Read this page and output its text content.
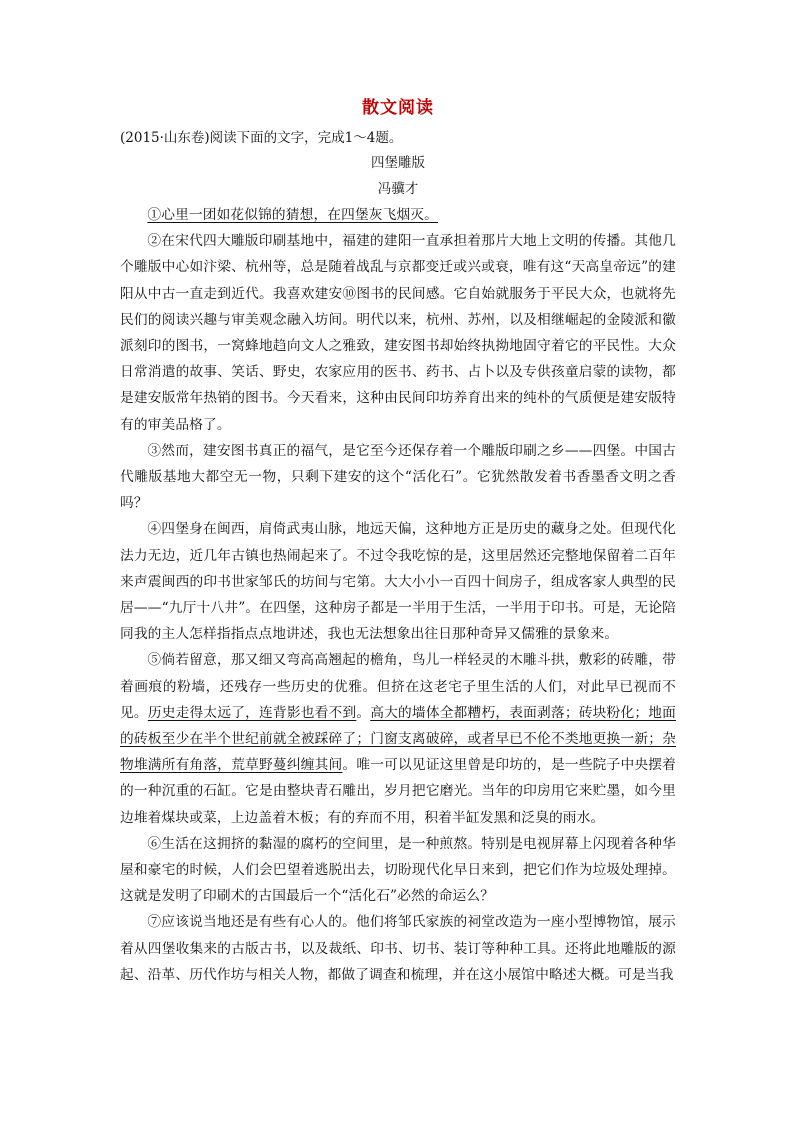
散文阅读

(2015·山东卷)阅读下面的文字，完成1～4题。

四堡雕版

冯骥才

①心里一团如花似锦的猜想，在四堡灰飞烟灭。

②在宋代四大雕版印刷基地中，福建的建阳一直承担着那片大地上文明的传播。其他几个雕版中心如汴梁、杭州等，总是随着战乱与京都变迁或兴或衰，唯有这“天高皇帝远”的建阳从中古一直走到近代。我喜欢建安⑩图书的民间感。它自始就服务于平民大众，也就将先民们的阅读兴趣与审美观念融入坊间。明代以来，杭州、苏州，以及相继崛起的金陵派和徽派刻印的图书，一窝蜂地趋向文人之雅致，建安图书却始终执拗地固守着它的平民性。大众日常消遣的故事、笑话、野史，农家应用的医书、药书、占卜以及专供孩童启蒙的读物，都是建安版常年热销的图书。今天看来，这种由民间印坊养育出来的纯朴的气质便是建安版特有的审美品格了。

③然而，建安图书真正的福气，是它至今还保存着一个雕版印刷之乡——四堡。中国古代雕版基地大都空无一物，只剩下建安的这个“活化石”。它犹然散发着书香墨香文明之香吗？

④四堡身在闽西，肩倚武夷山脉，地远天偏，这种地方正是历史的藏身之处。但现代化法力无边，近几年古镇也热闹起来了。不过令我吃惊的是，这里居然还完整地保留着二百年来声震闽西的印书世家邹氏的坊间与宅第。大大小小一百四十间房子，组成客家人典型的民居——“九厅十八井”。在四堡，这种房子都是一半用于生活，一半用于印书。可是，无论陪同我的主人怎样指指点点地讲述，我也无法想象出往日那种奇异又儒雅的景象来。

⑤倘若留意，那又细又弯高高翘起的檐角，鸟儿一样轻灵的木雕斗拱，敷彩的砖雕，带着画痕的粉墙，还残存一些历史的优雅。但挤在这老宅子里生活的人们，对此早已视而不见。历史走得太远了，连背影也看不到。高大的墙体全都糟朽，表面剥落；砖块粉化；地面的砖板至少在半个世纪前就全被踩碎了；门窗支离破碎，或者早已不伦不类地更换一新；杂物堆满所有角落，荒草野蔓纠缠其间。唯一可以见证这里曾是印坊的，是一些院子中央摆着的一种沉重的石缸。它是由整块青石雕出，岁月把它磨光。当年的印房用它来贮墨，如今里边堆着煤块或菜，上边盖着木板；有的弃而不用，积着半缸发黑和泛臭的雨水。

⑥生活在这拥挤的黏湿的腐朽的空间里，是一种煎熬。特别是电视屏幕上闪现着各种华屋和豪宅的时候，人们会巴望着逃脱出去，切盼现代化早日来到，把它们作为垃圾处理掉。这就是发明了印刷术的古国最后一个“活化石”必然的命运么？

⑦应该说当地还是有些有心人的。他们将邹氏家族的祠堂改造为一座小型博物馆，展示着从四堡收集来的古版古书，以及裁纸、印书、切书、装订等种种工具。还将此地雕版的源起、沿革、历代作坊与相关人物，都做了调查和梳理，并在这小展馆中略述大概。可是当我
